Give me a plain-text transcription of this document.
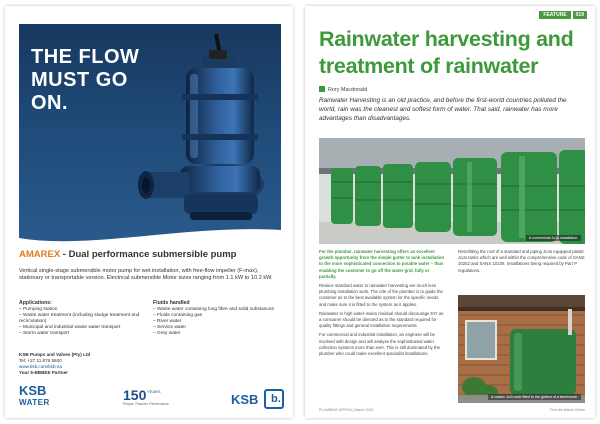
THE FLOW MUST GO ON.
AMAREX - Dual performance submersible pump
Vertical single-stage submersible motor pump for wet installation, with free-flow impeller (F-max), stationary or transportable version. Electrical submersible Motor sizes ranging from 1.1 kW to 10.2 kW.
Applications:
– Pumping station
– Waste water treatment (including sludge treatment and recirculation)
– Municipal and industrial waste water transport
– Storm water transport
Fluids handled
– Waste water containing long fibre and solid substances
– Fluids containing gas
– River water
– Service water
– Grey water
KSB Pumps and Valves (Pty) Ltd
Tel: +27 11 876 5600
www.ksb.com/ksb-za
Your 5-BBBEE Partner
KSB
WATER	150 YEARS
People. Passion. Performance.	KSB b.
FEATURE 019
Rainwater harvesting and treatment of rainwater
Rory Macdonald
Rainwater Harvesting is an old practice, and before the first-world countries polluted the world, rain was the cleanest and softest form of water. That said, rainwater has more advantages than disadvantages.
A commercial JoJo installation.

For the plumber, rainwater harvesting offers an excellent growth opportunity from the simple gutter to tank installation to the more sophisticated connection to potable water – thus enabling the customer to go off the water grid, fully or partially.

Reduce standard water to rainwater harvesting are much less plumbing installation work. The role of the plumber is to guide the customer as to the best available system for the specific needs and make sure it is fitted to the system as it applies.

Rainwater to high water-mains residual should discourage DIY as a consumer should be directed as to the standard required for quality fittings and general installation requirements.

For commercial and industrial installation, an engineer will be involved with design and will analyse the sophisticated water collection systems more than ever. This is still dominated by the plumber who could make excellent specialist installations.

Retrofitting the roof of a standard and piping JoJo equipped plastic JoJo tanks which are well within the comprehensive code of SANS 10252 and SANS 10106. Installations being required by Part P regulations.

A classic JoJo tank fitted to the gutters of a farmhouse.
PLUMBING AFRICA | March 2019	Find the Article Online
